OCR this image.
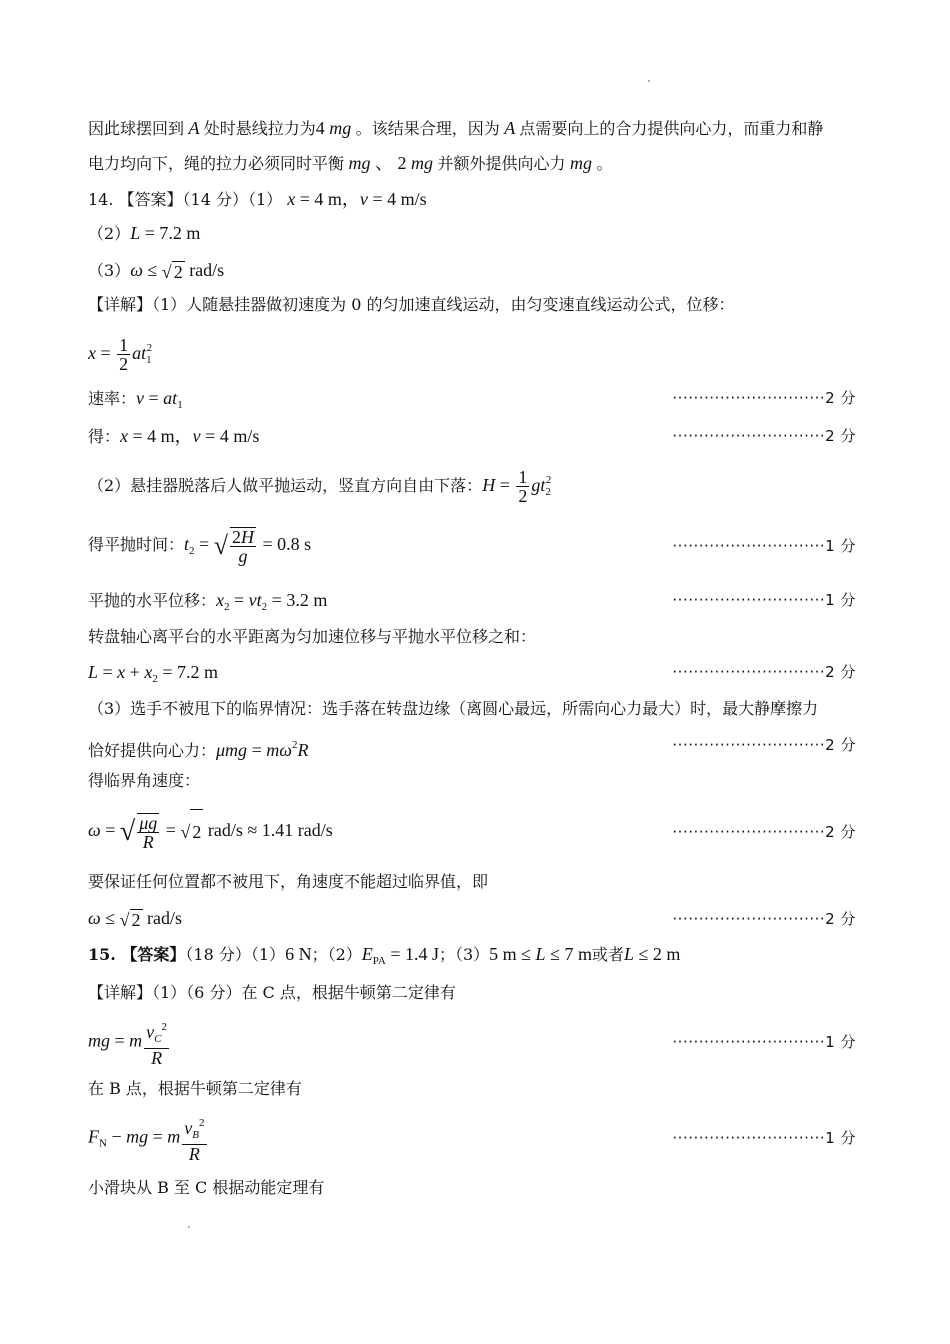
因此球摆回到 A 处时悬线拉力为4 mg 。该结果合理，因为 A 点需要向上的合力提供向心力，而重力和静
电力均向下，绳的拉力必须同时平衡 mg 、 2 mg 并额外提供向心力 mg 。
14. 【答案】（14 分）（1） x = 4 m，v = 4 m/s
（2）L = 7.2 m
（3）ω ≤ √ 2 rad/s
【详解】（1）人随悬挂器做初速度为 0 的匀加速直线运动，由匀变速直线运动公式，位移：
$x = \frac{1}{2} at_1^2$
速率：$v = at_1$	·····························2 分
得：x = 4 m，v = 4 m/s	·····························2 分
（2）悬挂器脱落后人做平抛运动，竖直方向自由下落：$H = \frac{1}{2} gt_2^2$
得平抛时间：$t_2$ = √ $\frac{2H}{g} = 0.8$ s	·····························1 分
平抛的水平位移：$x_2 = vt_2 = 3.2$ m	·····························1 分
转盘轴心离平台的水平距离为匀加速位移与平抛水平位移之和：
$L = x + x_2 = 7.2$ m	·····························2 分
（3）选手不被甩下的临界情况：选手落在转盘边缘（离圆心最远，所需向心力最大）时，最大静摩擦力
恰好提供向心力：$\mu mg = m\omega^2R$	·····························2 分
得临界角速度：
ω = √ $\frac{\mu g}{R}$ = √ 2 rad/s ≈ 1.41 rad/s	·····························2 分
要保证任何位置都不被甩下，角速度不能超过临界值，即
ω ≤ √ 2 rad/s	·····························2 分
15. 【答案】（18 分）（1）6 N；$(2)E_{PA} = 1.4$ J；（3）5 m ≤ L ≤ 7 m或者L ≤ 2 m
【详解】（1）（6 分）在 C 点，根据牛顿第二定律有
mg = m $\frac{v_C^2}{R}$	·····························1 分
在 B 点，根据牛顿第二定律有
$F_N$ − mg = m $\frac{v_B^2}{R}$	·····························1 分
小滑块从 B 至 C 根据动能定理有
